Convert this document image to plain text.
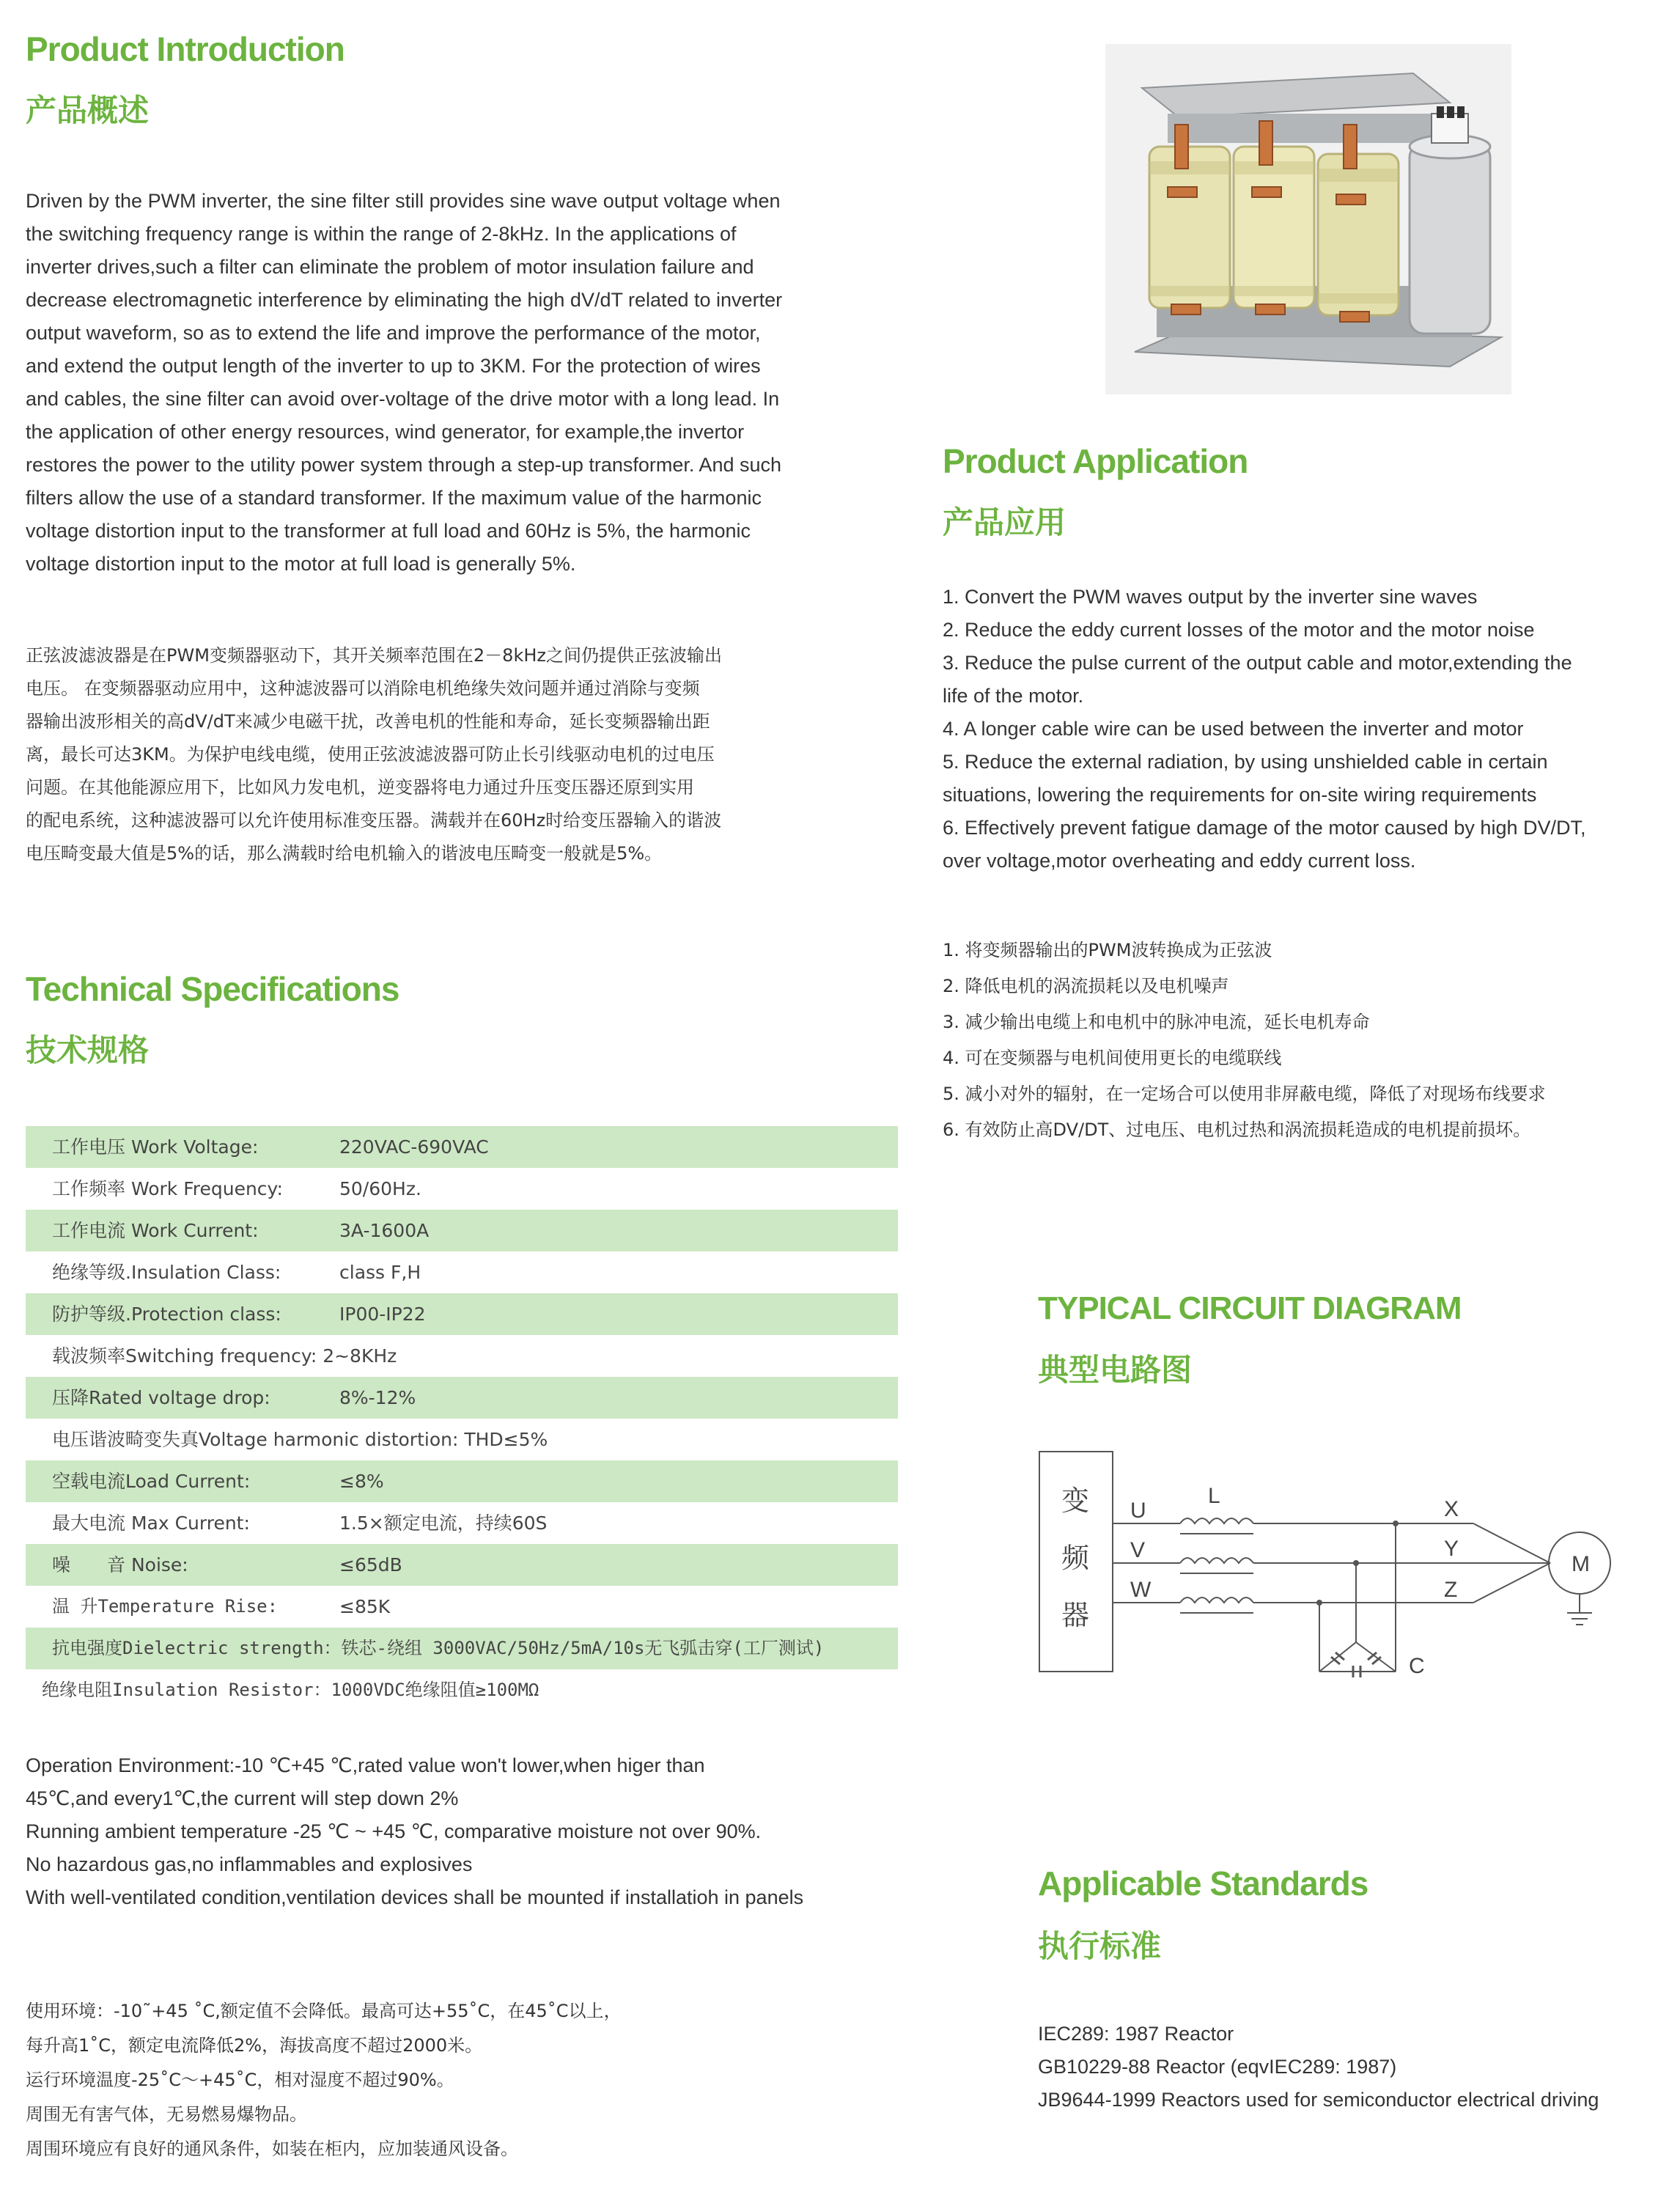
Product Introduction
产品概述
Driven by the PWM inverter, the sine filter still provides sine wave output voltage when
the switching frequency range is within the range of 2-8kHz. In the applications of
inverter drives,such a filter can eliminate the problem of motor insulation failure and
decrease electromagnetic interference by eliminating the high dV/dT related to inverter
output waveform, so as to extend the life and improve the performance of the motor,
and extend the output length of the inverter to up to 3KM. For the protection of wires
and cables, the sine filter can avoid over-voltage of the drive motor with a long lead. In
the application of other energy resources, wind generator, for example,the invertor
restores the power to the utility power system through a step-up transformer. And such
filters allow the use of a standard transformer. If the maximum value of the harmonic
voltage distortion input to the transformer at full load and 60Hz is 5%, the harmonic
voltage distortion input to the motor at full load is generally 5%.
正弦波滤波器是在PWM变频器驱动下，其开关频率范围在2－8kHz之间仍提供正弦波输出
电压。 在变频器驱动应用中，这种滤波器可以消除电机绝缘失效问题并通过消除与变频
器输出波形相关的高dV/dT来减少电磁干扰，改善电机的性能和寿命，延长变频器输出距
离，最长可达3KM。为保护电线电缆，使用正弦波滤波器可防止长引线驱动电机的过电压
问题。在其他能源应用下，比如风力发电机，逆变器将电力通过升压变压器还原到实用
的配电系统，这种滤波器可以允许使用标准变压器。满载并在60Hz时给变压器输入的谐波
电压畸变最大值是5%的话，那么满载时给电机输入的谐波电压畸变一般就是5%。
Technical Specifications
技术规格
工作电压 Work Voltage:	220VAC-690VAC
工作频率 Work Frequency:	50/60Hz.
工作电流 Work Current:	3A-1600A
绝缘等级.Insulation Class:	class F,H
防护等级.Protection class:	IP00-IP22
载波频率Switching frequency: 2~8KHz
压降Rated voltage drop:	8%-12%
电压谐波畸变失真Voltage harmonic distortion: THD≤5%
空载电流Load Current:	≤8%
最大电流 Max Current:	1.5×额定电流，持续60S
噪　　音 Noise:	≤65dB
温 升Temperature Rise:	≤85K
抗电强度Dielectric strength：铁芯-绕组 3000VAC/50Hz/5mA/10s无飞弧击穿(工厂测试)
绝缘电阻Insulation Resistor：1000VDC绝缘阻值≥100MΩ
Operation Environment:-10 ℃+45 ℃,rated value won't lower,when higer than
45℃,and every1℃,the current will step down 2%
Running ambient temperature -25 ℃ ~ +45 ℃, comparative moisture not over 90%.
No hazardous gas,no inflammables and explosives
With well-ventilated condition,ventilation devices shall be mounted if installatioh in panels
使用环境：-10˜+45 ˚C,额定值不会降低。最高可达+55˚C，在45˚C以上，
每升高1˚C，额定电流降低2%，海拔高度不超过2000米。
运行环境温度-25˚C～+45˚C，相对湿度不超过90%。
周围无有害气体，无易燃易爆物品。
周围环境应有良好的通风条件，如装在柜内，应加装通风设备。
Product Application
产品应用
1. Convert the PWM waves output by the inverter sine waves
2. Reduce the eddy current losses of the motor and the motor noise
3. Reduce the pulse current of the output cable and motor,extending the
life of the motor.
4. A longer cable wire can be used between the inverter and motor
5. Reduce the external radiation, by using unshielded cable in certain
situations, lowering the requirements for on-site wiring requirements
6. Effectively prevent fatigue damage of the motor caused by high DV/DT,
over voltage,motor overheating and eddy current loss.
1. 将变频器输出的PWM波转换成为正弦波
2. 降低电机的涡流损耗以及电机噪声
3. 减少输出电缆上和电机中的脉冲电流，延长电机寿命
4. 可在变频器与电机间使用更长的电缆联线
5. 减小对外的辐射，在一定场合可以使用非屏蔽电缆，降低了对现场布线要求
6. 有效防止高DV/DT、过电压、电机过热和涡流损耗造成的电机提前损坏。
TYPICAL CIRCUIT DIAGRAM
典型电路图
变
频
器
U
V
W
L
X
Y
Z
M
C
Applicable Standards
执行标准
IEC289: 1987 Reactor
GB10229-88 Reactor (eqvIEC289: 1987)
JB9644-1999 Reactors used for semiconductor electrical driving
